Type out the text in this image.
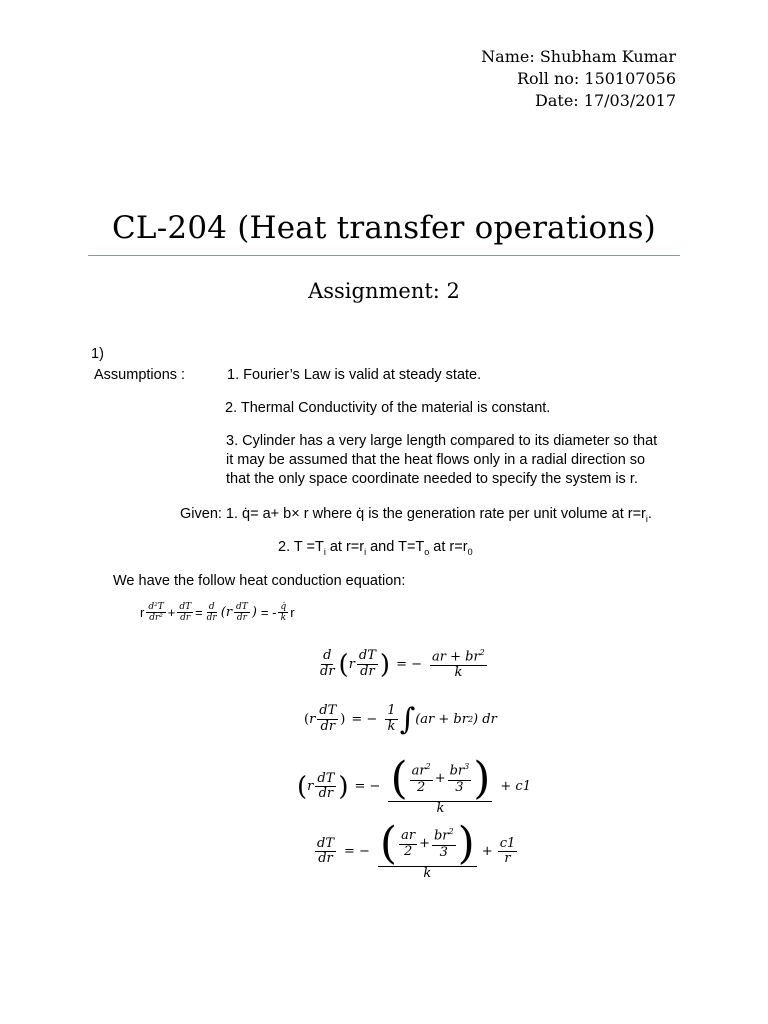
Name: Shubham Kumar
Roll no: 150107056
Date: 17/03/2017
CL-204 (Heat transfer operations)
Assignment: 2
1)
Assumptions :	1. Fourier’s Law is valid at steady state.
2. Thermal Conductivity of the material is constant.
3. Cylinder has a very large length compared to its diameter so that
it may be assumed that the heat flows only in a radial direction so
that the only space coordinate needed to specify the system is r.
Given: 1. q̇= a+ b× r where q̇ is the generation rate per unit volume at $r=r_i$.
2. $T =T_i$ at $r=r_i$ and $T=T_o$ at $r=r_0$
We have the follow heat conduction equation:
r $\frac{\text{d²T}}{\text{dr²}} + \frac{dT}{dr} = \frac{d}{dr} (r \frac{dT}{dr}$ ) = - $\frac{q̇}{k}$ r
$\frac{d}{dr}$ ( r $\frac{dT}{dr}$ ) = − $\frac{ar + br^2}{k}$
( r $\frac{dT}{dr}$ ) = − $\frac{1}{k}$ ∫ (ar + br 2 ) dr
( r $\frac{dT}{dr}$ ) = − $\frac{( \frac{ar^2}{2} + \frac{br^3}{3} )}{k} + c1$
$\frac{dT}{dr}$ = − $\frac{( \frac{ar}{2} + \frac{br^2}{3} )}{k} + \frac{c1}{r}$
